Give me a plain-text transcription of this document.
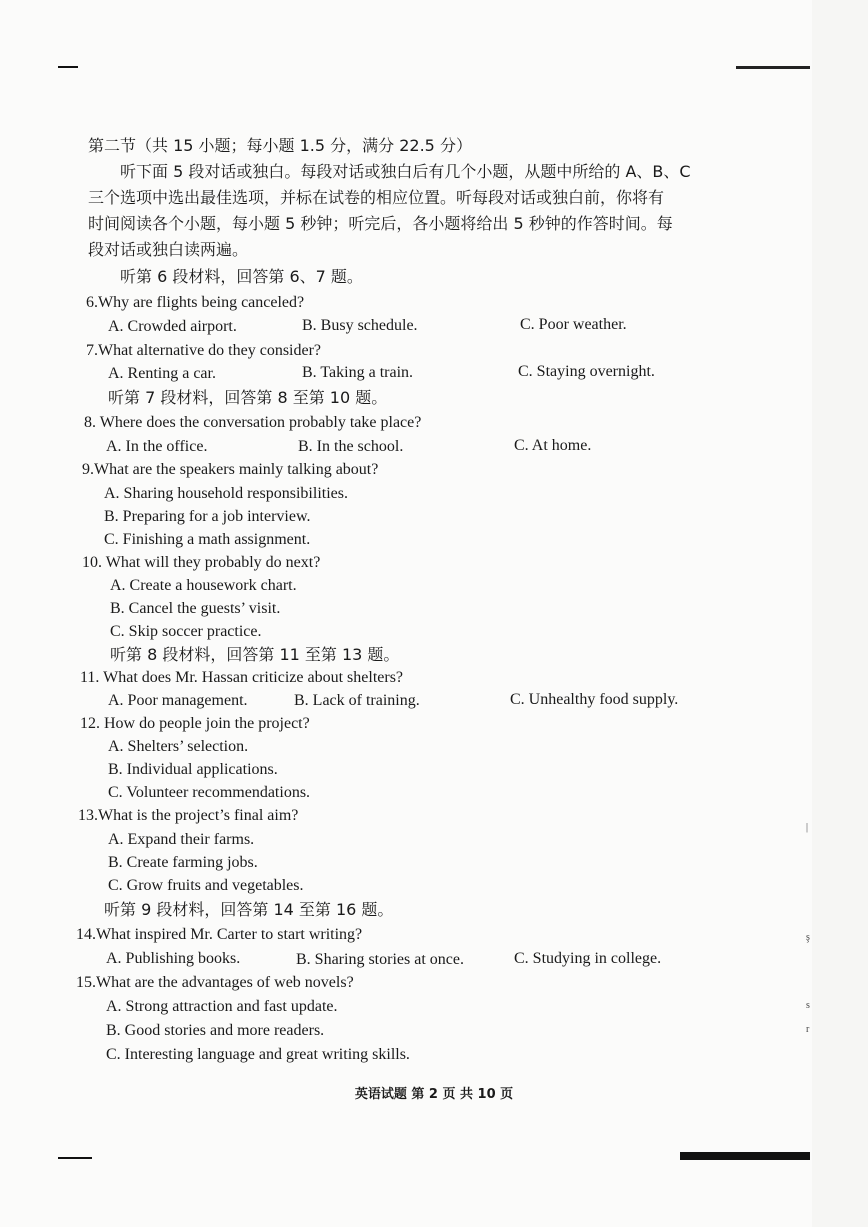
第二节（共 15 小题；每小题 1.5 分，满分 22.5 分）
听下面 5 段对话或独白。每段对话或独白后有几个小题，从题中所给的 A、B、C
三个选项中选出最佳选项，并标在试卷的相应位置。听每段对话或独白前，你将有
时间阅读各个小题，每小题 5 秒钟；听完后，各小题将给出 5 秒钟的作答时间。每
段对话或独白读两遍。
听第 6 段材料，回答第 6、7 题。
6.Why are flights being canceled?
A. Crowded airport.	B. Busy schedule.	C. Poor weather.
7.What alternative do they consider?
A. Renting a car.	B. Taking a train.	C. Staying overnight.
听第 7 段材料，回答第 8 至第 10 题。
8. Where does the conversation probably take place?
A. In the office.	B. In the school.	C. At home.
9.What are the speakers mainly talking about?
A. Sharing household responsibilities.
B. Preparing for a job interview.
C. Finishing a math assignment.
10. What will they probably do next?
A. Create a housework chart.
B. Cancel the guests’ visit.
C. Skip soccer practice.
听第 8 段材料，回答第 11 至第 13 题。
11. What does Mr. Hassan criticize about shelters?
A. Poor management.	B. Lack of training.	C. Unhealthy food supply.
12. How do people join the project?
A. Shelters’ selection.
B. Individual applications.
C. Volunteer recommendations.
13.What is the project’s final aim?
A. Expand their farms.
B. Create farming jobs.
C. Grow fruits and vegetables.
听第 9 段材料，回答第 14 至第 16 题。
14.What inspired Mr. Carter to start writing?
A. Publishing books.	B. Sharing stories at once.	C. Studying in college.
15.What are the advantages of web novels?
A. Strong attraction and fast update.
B. Good stories and more readers.
C. Interesting language and great writing skills.
英语试题 第 2 页 共 10 页
|
ş
s
r
